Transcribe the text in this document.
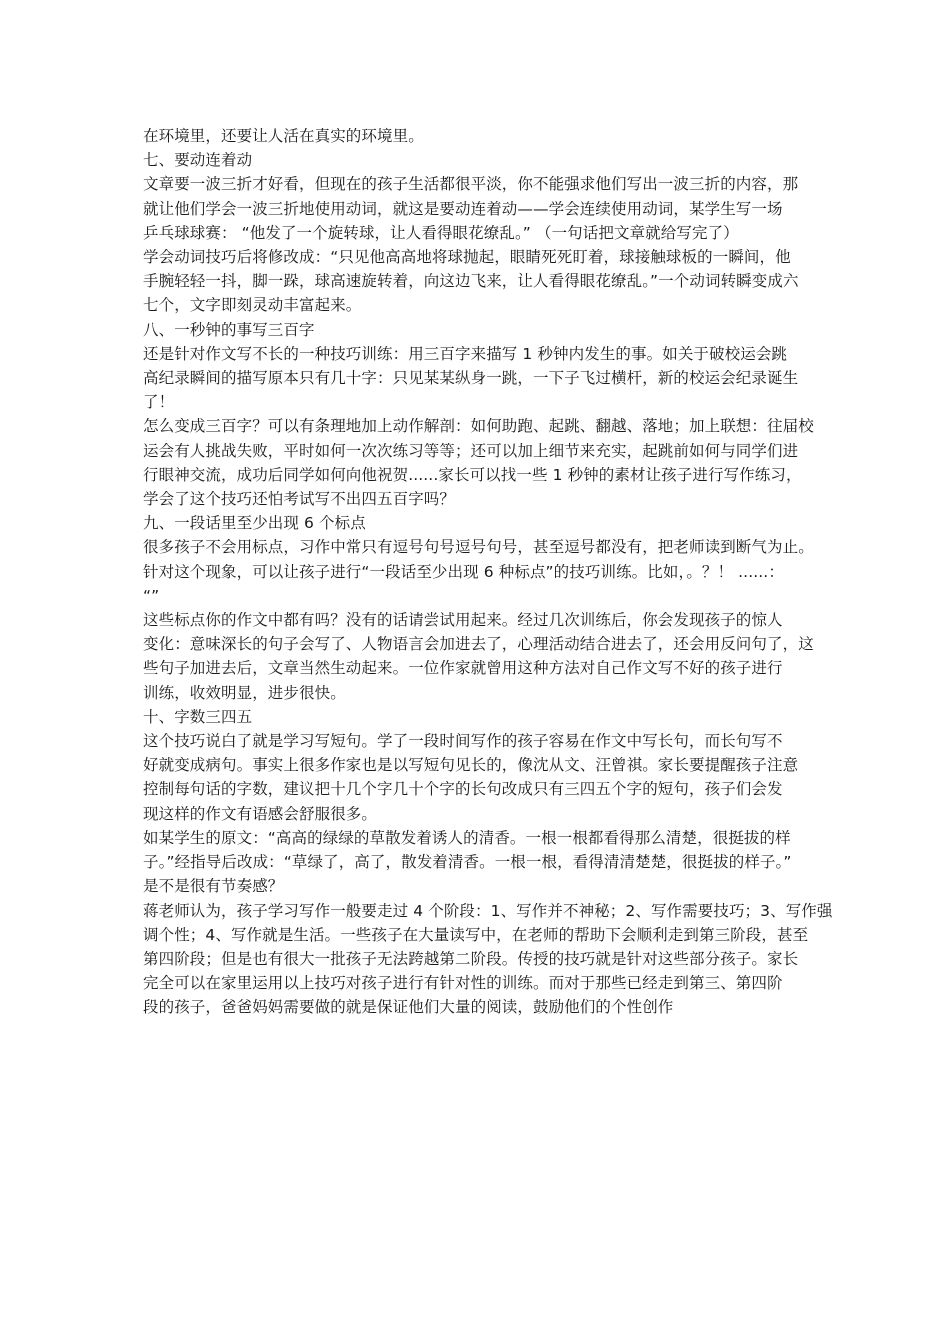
在环境里，还要让人活在真实的环境里。
七、要动连着动
文章要一波三折才好看，但现在的孩子生活都很平淡，你不能强求他们写出一波三折的内容，那
就让他们学会一波三折地使用动词，就这是要动连着动——学会连续使用动词，某学生写一场
乒乓球球赛： “他发了一个旋转球，让人看得眼花缭乱。” （一句话把文章就给写完了）
学会动词技巧后将修改成：“只见他高高地将球抛起，眼睛死死盯着，球接触球板的一瞬间，他
手腕轻轻一抖，脚一跺，球高速旋转着，向这边飞来，让人看得眼花缭乱。”一个动词转瞬变成六
七个，文字即刻灵动丰富起来。
八、一秒钟的事写三百字
还是针对作文写不长的一种技巧训练：用三百字来描写 1 秒钟内发生的事。如关于破校运会跳
高纪录瞬间的描写原本只有几十字：只见某某纵身一跳，一下子飞过横杆，新的校运会纪录诞生
了！
怎么变成三百字？可以有条理地加上动作解剖：如何助跑、起跳、翻越、落地；加上联想：往届校
运会有人挑战失败，平时如何一次次练习等等；还可以加上细节来充实，起跳前如何与同学们进
行眼神交流，成功后同学如何向他祝贺......家长可以找一些 1 秒钟的素材让孩子进行写作练习，
学会了这个技巧还怕考试写不出四五百字吗？
九、一段话里至少出现 6 个标点
很多孩子不会用标点，习作中常只有逗号句号逗号句号，甚至逗号都没有，把老师读到断气为止。
针对这个现象，可以让孩子进行“一段话至少出现 6 种标点”的技巧训练。比如，。？！ ......：
“”
这些标点你的作文中都有吗？没有的话请尝试用起来。经过几次训练后，你会发现孩子的惊人
变化：意味深长的句子会写了、人物语言会加进去了，心理活动结合进去了，还会用反问句了，这
些句子加进去后，文章当然生动起来。一位作家就曾用这种方法对自己作文写不好的孩子进行
训练，收效明显，进步很快。
十、字数三四五
这个技巧说白了就是学习写短句。学了一段时间写作的孩子容易在作文中写长句，而长句写不
好就变成病句。事实上很多作家也是以写短句见长的，像沈从文、汪曾祺。家长要提醒孩子注意
控制每句话的字数，建议把十几个字几十个字的长句改成只有三四五个字的短句，孩子们会发
现这样的作文有语感会舒服很多。
如某学生的原文：“高高的绿绿的草散发着诱人的清香。一根一根都看得那么清楚，很挺拔的样
子。”经指导后改成：“草绿了，高了，散发着清香。一根一根，看得清清楚楚，很挺拔的样子。”
是不是很有节奏感？
蒋老师认为，孩子学习写作一般要走过 4 个阶段：1、写作并不神秘；2、写作需要技巧；3、写作强
调个性；4、写作就是生活。一些孩子在大量读写中，在老师的帮助下会顺利走到第三阶段，甚至
第四阶段；但是也有很大一批孩子无法跨越第二阶段。传授的技巧就是针对这些部分孩子。家长
完全可以在家里运用以上技巧对孩子进行有针对性的训练。而对于那些已经走到第三、第四阶
段的孩子，爸爸妈妈需要做的就是保证他们大量的阅读，鼓励他们的个性创作
